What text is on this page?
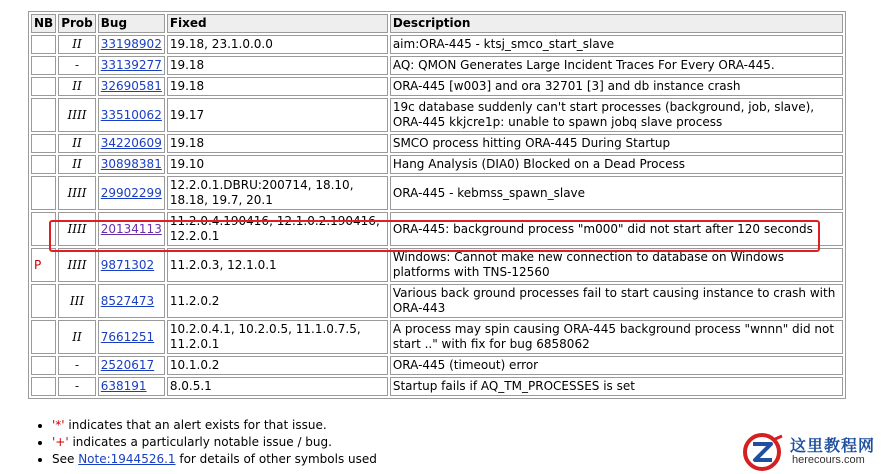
NB	Prob	Bug	Fixed	Description
	II	33198902	19.18, 23.1.0.0.0	aim:ORA-445 - ktsj_smco_start_slave
	-	33139277	19.18	AQ: QMON Generates Large Incident Traces For Every ORA-445.
	II	32690581	19.18	ORA-445 [w003] and ora 32701 [3] and db instance crash
	IIII	33510062	19.17	19c database suddenly can't start processes (background, job, slave), ORA-445 kkjcre1p: unable to spawn jobq slave process
	II	34220609	19.18	SMCO process hitting ORA-445 During Startup
	II	30898381	19.10	Hang Analysis (DIA0) Blocked on a Dead Process
	IIII	29902299	12.2.0.1.DBRU:200714, 18.10, 18.18, 19.7, 20.1	ORA-445 - kebmss_spawn_slave
	IIII	20134113	11.2.0.4.190416, 12.1.0.2.190416, 12.2.0.1	ORA-445: background process "m000" did not start after 120 seconds
P	IIII	9871302	11.2.0.3, 12.1.0.1	Windows: Cannot make new connection to database on Windows platforms with TNS-12560
	III	8527473	11.2.0.2	Various back ground processes fail to start causing instance to crash with ORA-443
	II	7661251	10.2.0.4.1, 10.2.0.5, 11.1.0.7.5, 11.2.0.1	A process may spin causing ORA-445 background process "wnnn" did not start .." with fix for bug 6858062
	-	2520617	10.1.0.2	ORA-445 (timeout) error
	-	638191	8.0.5.1	Startup fails if AQ_TM_PROCESSES is set
• '*' indicates that an alert exists for that issue.
• '+' indicates a particularly notable issue / bug.
• See Note:1944526.1 for details of other symbols used
这里教程网
herecours.com
